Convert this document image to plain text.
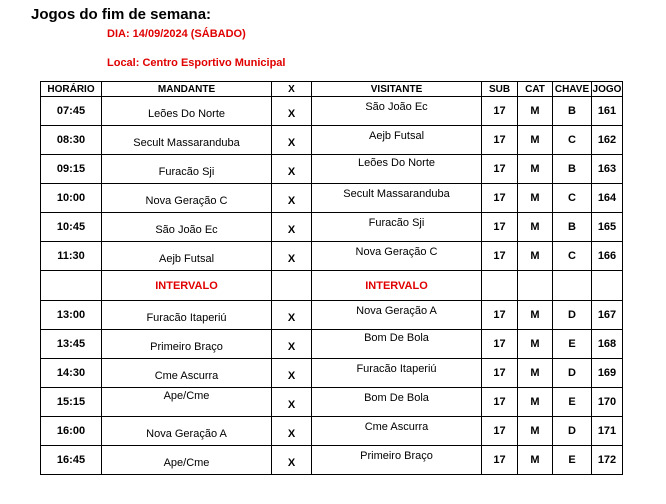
Jogos do fim de semana:
DIA: 14/09/2024 (SÁBADO)
Local: Centro Esportivo Municipal
HORÁRIO	MANDANTE	X	VISITANTE	SUB	CAT	CHAVE	JOGO
07:45	Leões Do Norte	X	São João Ec	17	M	B	161
08:30	Secult Massaranduba	X	Aejb Futsal	17	M	C	162
09:15	Furacão Sji	X	Leões Do Norte	17	M	B	163
10:00	Nova Geração C	X	Secult Massaranduba	17	M	C	164
10:45	São João Ec	X	Furacão Sji	17	M	B	165
11:30	Aejb Futsal	X	Nova Geração C	17	M	C	166
	INTERVALO		INTERVALO				
13:00	Furacão Itaperiú	X	Nova Geração A	17	M	D	167
13:45	Primeiro Braço	X	Bom De Bola	17	M	E	168
14:30	Cme Ascurra	X	Furacão Itaperiú	17	M	D	169
15:15	Ape/Cme	X	Bom De Bola	17	M	E	170
16:00	Nova Geração A	X	Cme Ascurra	17	M	D	171
16:45	Ape/Cme	X	Primeiro Braço	17	M	E	172
